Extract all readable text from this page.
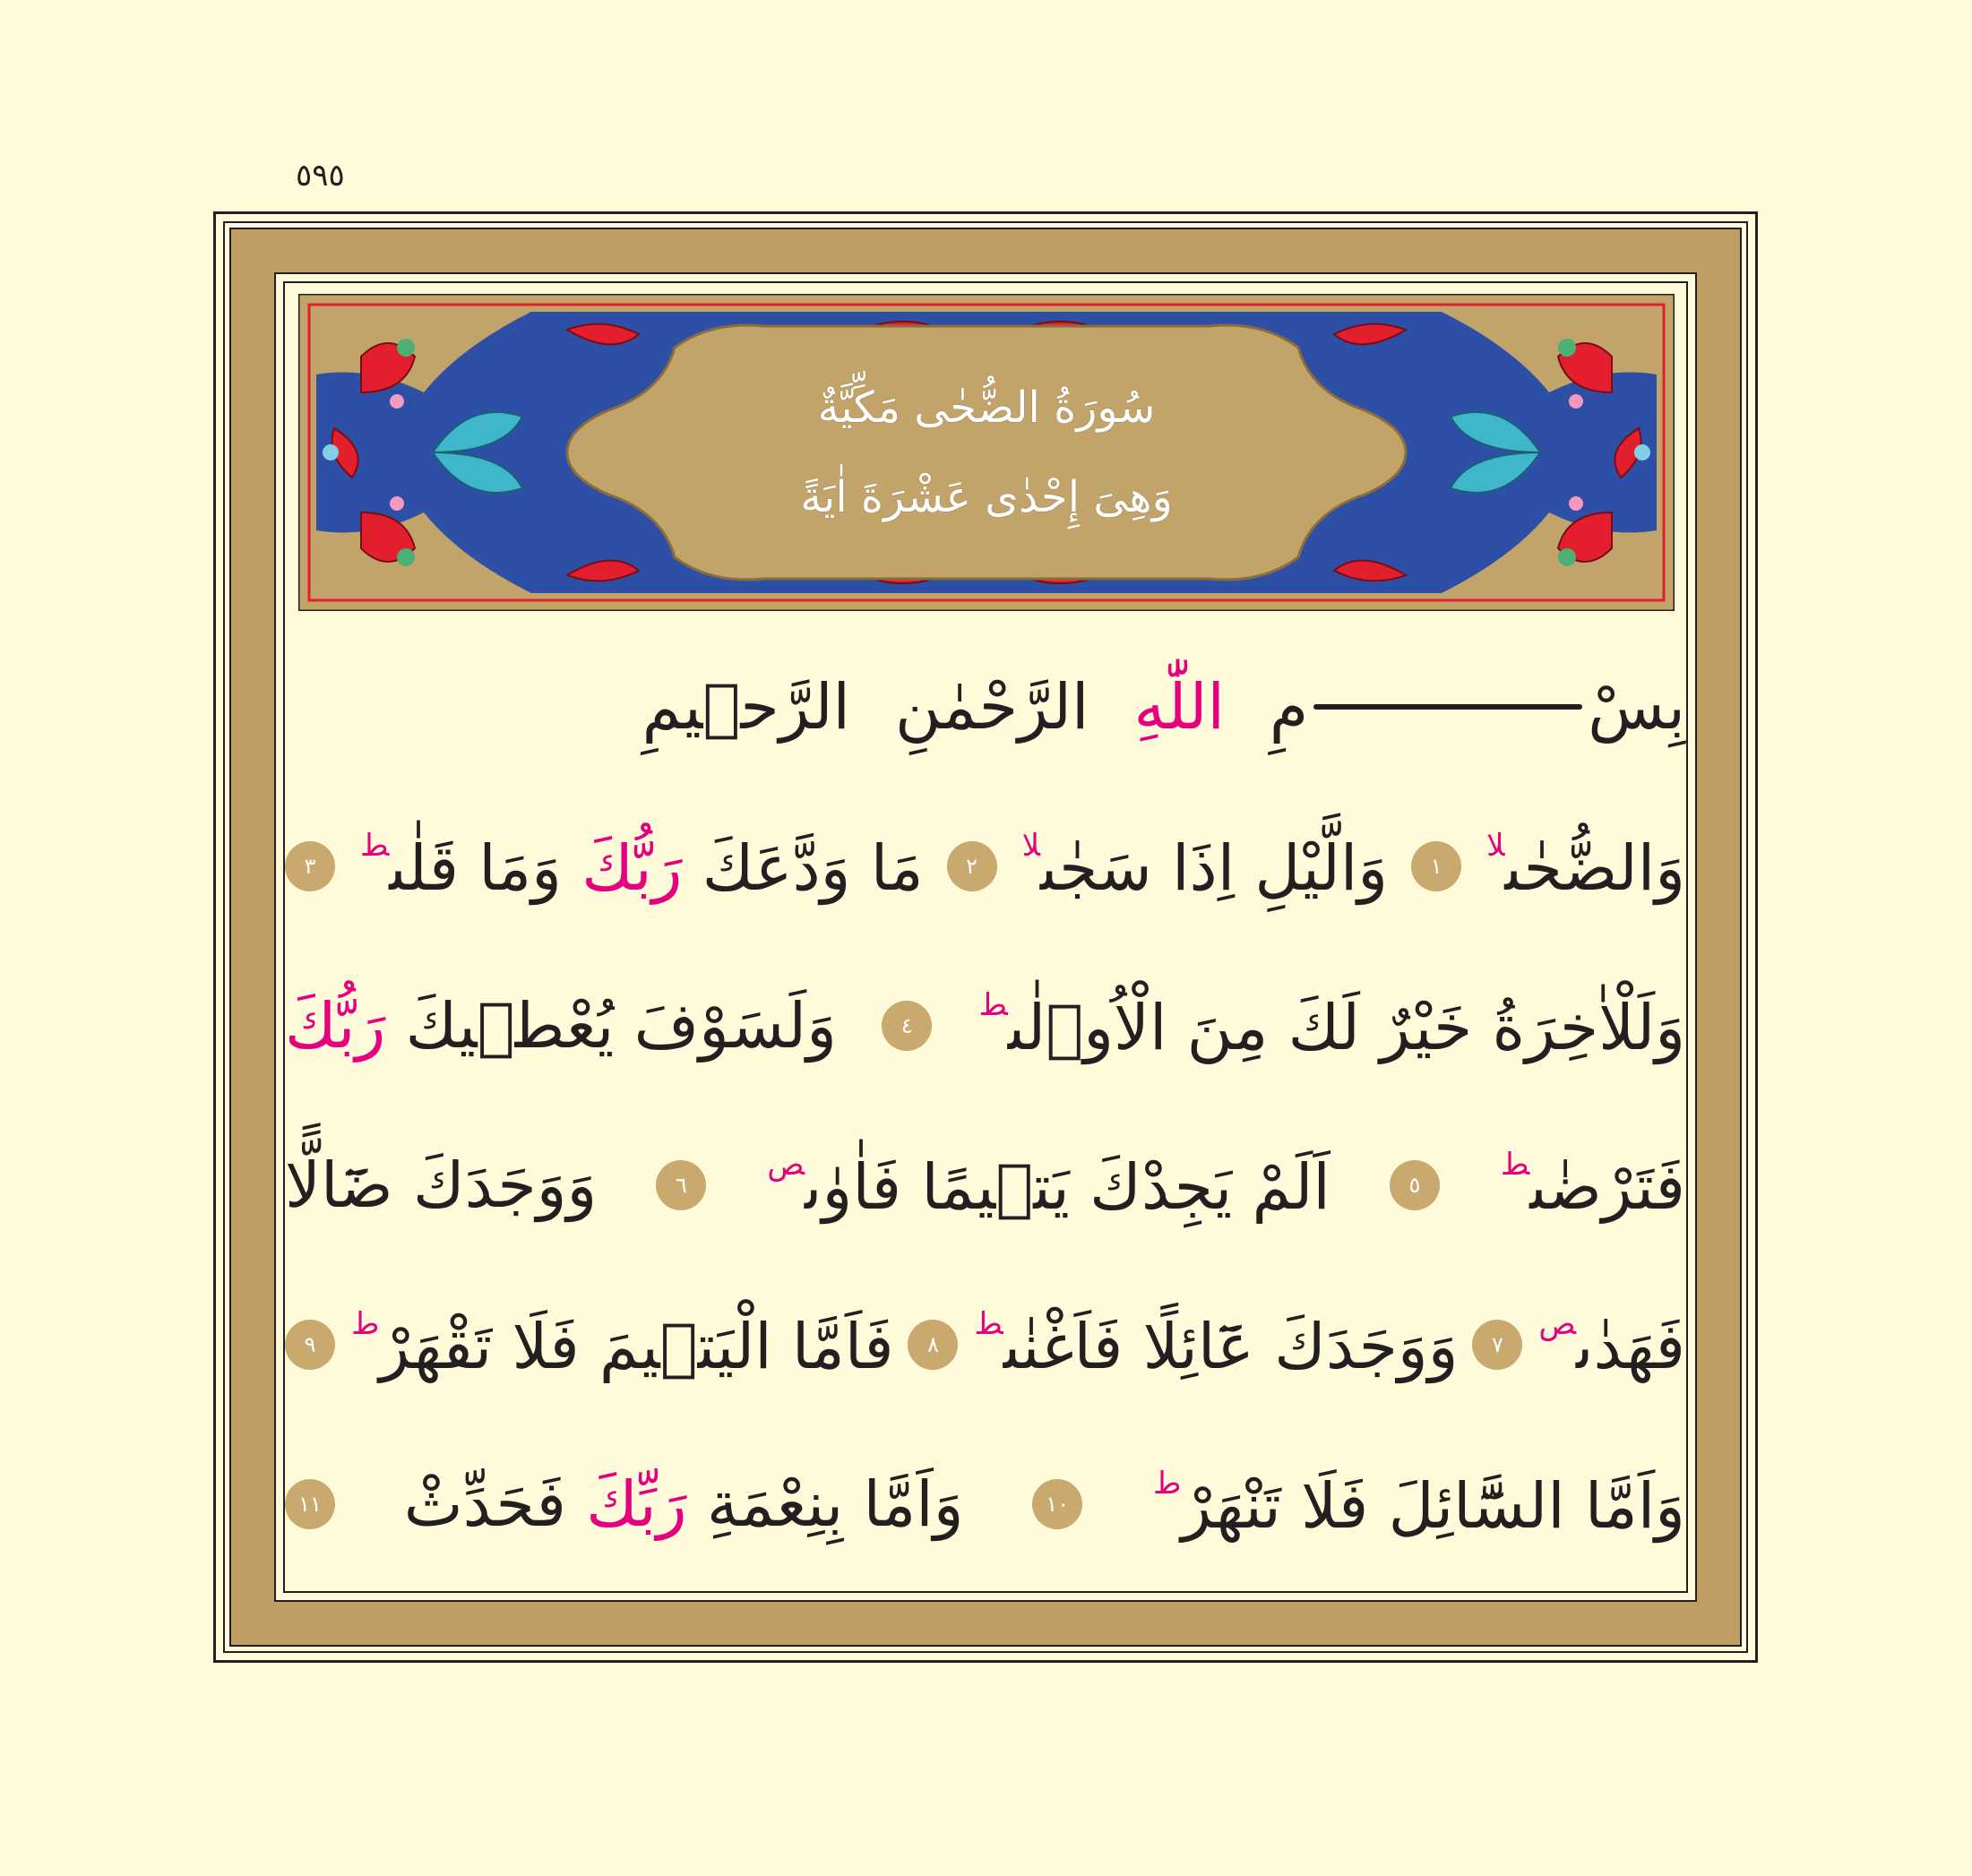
٥٩٥
سُورَةُ الضُّحٰى مَكِّيَّةٌ
وَهِىَ إِحْدٰى عَشْرَةَ اٰيَةً
بِسْ
مِ
اللّٰهِ
الرَّحْمٰنِ
الرَّح۪يمِ
وَالضُّحٰى$^{لا}$
١
وَالَّيْلِ اِذَا سَجٰى$^{لا}$
٢
مَا وَدَّعَكَ رَبُّكَ وَمَا قَلٰى$^ط$
٣
وَلَلْاٰخِرَةُ خَيْرٌ لَكَ مِنَ الْاُو۫لٰى$^ط$
٤
وَلَسَوْفَ يُعْط۪يكَ رَبُّكَ
فَتَرْضٰى$^ط$
٥
اَلَمْ يَجِدْكَ يَت۪يمًا فَاٰوٰى$^ص$
٦
وَوَجَدَكَ ضَٓالًّا
فَهَدٰى$^ص$
٧
وَوَجَدَكَ عَٓائِلًا فَاَغْنٰى$^ط$
٨
فَاَمَّا الْيَت۪يمَ فَلَا تَقْهَرْ$^ط$
٩
وَاَمَّا السَّٓائِلَ فَلَا تَنْهَرْ$^ط$
١٠
وَاَمَّا بِنِعْمَةِ رَبِّكَ فَحَدِّثْ
١١
